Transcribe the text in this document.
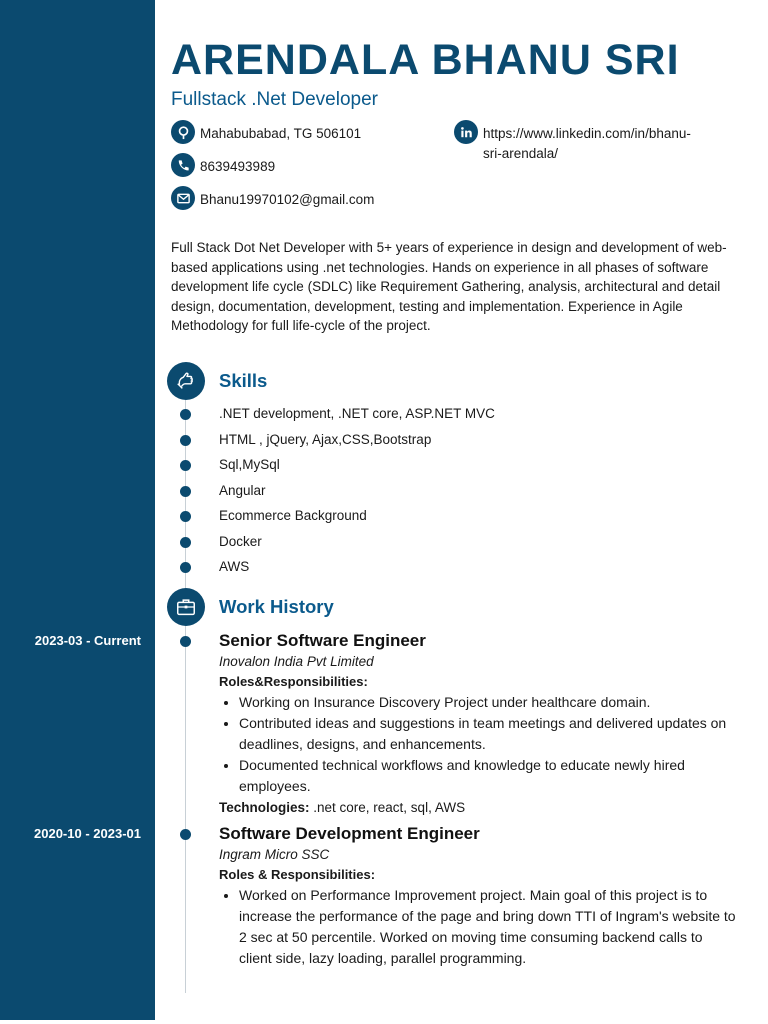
2023-03 - Current
2020-10 - 2023-01
ARENDALA BHANU SRI
Fullstack .Net Developer
Mahabubabad, TG 506101
8639493989
Bhanu19970102@gmail.com
https://www.linkedin.com/in/bhanu-
sri-arendala/

Full Stack Dot Net Developer with 5+ years of experience in design and development of web-based applications using .net technologies. Hands on experience in all phases of software development life cycle (SDLC) like Requirement Gathering, analysis, architectural and detail design, documentation, development, testing and implementation. Experience in Agile Methodology for full life-cycle of the project.

Skills
.NET development, .NET core, ASP.NET MVC
HTML , jQuery, Ajax,CSS,Bootstrap
Sql,MySql
Angular
Ecommerce Background
Docker
AWS
Work History
Senior Software Engineer
Inovalon India Pvt Limited
Roles&Responsibilities:
• Working on Insurance Discovery Project under healthcare domain.
• Contributed ideas and suggestions in team meetings and delivered updates on deadlines, designs, and enhancements.
• Documented technical workflows and knowledge to educate newly hired employees.
Technologies: .net core, react, sql, AWS
Software Development Engineer
Ingram Micro SSC
Roles & Responsibilities:
• Worked on Performance Improvement project. Main goal of this project is to increase the performance of the page and bring down TTI of Ingram's website to 2 sec at 50 percentile. Worked on moving time consuming backend calls to client side, lazy loading, parallel programming.
